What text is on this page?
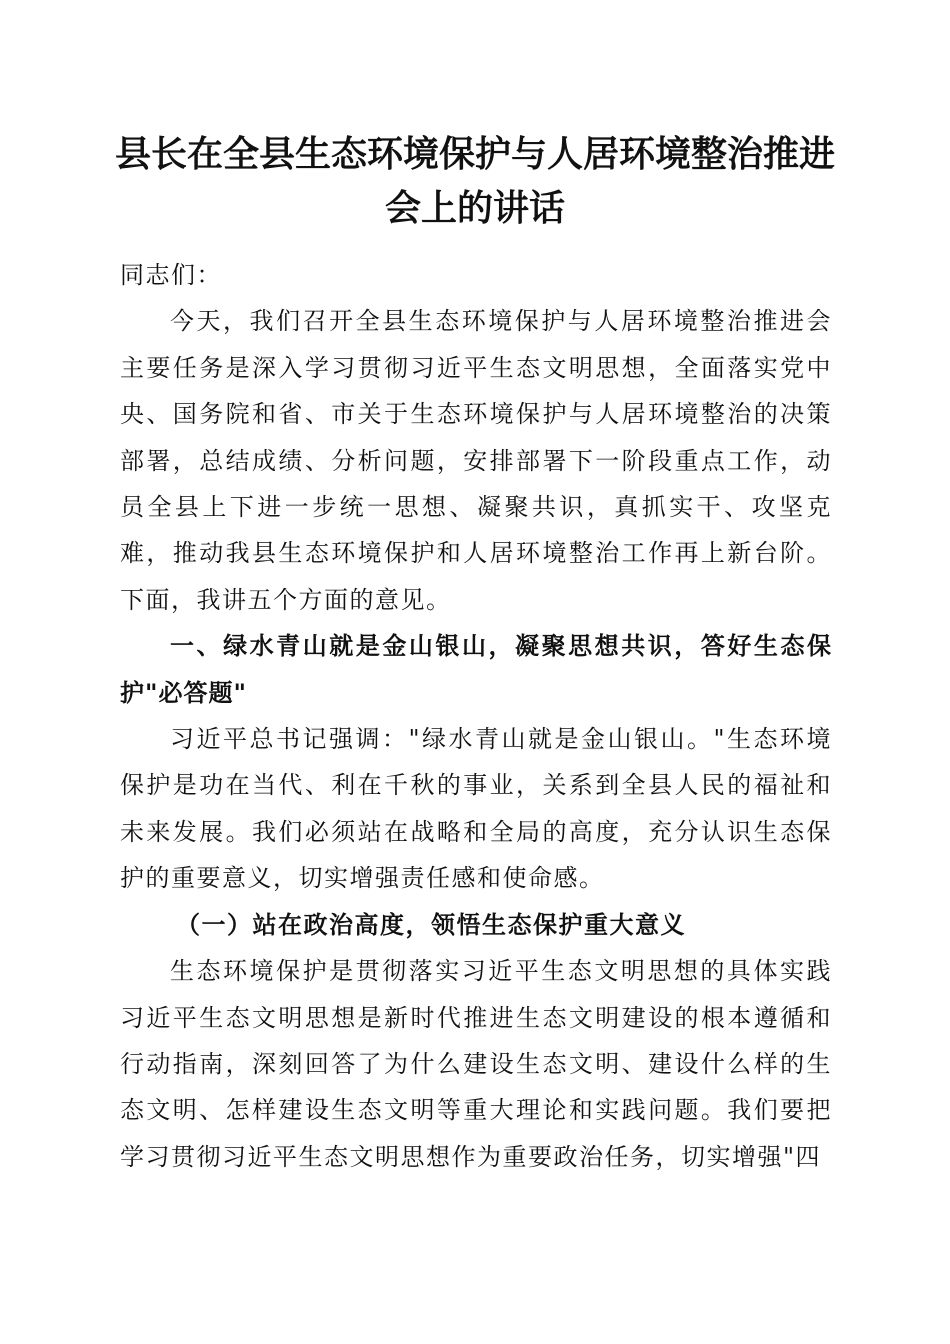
县长在全县生态环境保护与人居环境整治推进会上的讲话

同志们：

今天，我们召开全县生态环境保护与人居环境整治推进会主要任务是深入学习贯彻习近平生态文明思想，全面落实党中央、国务院和省、市关于生态环境保护与人居环境整治的决策部署，总结成绩、分析问题，安排部署下一阶段重点工作，动员全县上下进一步统一思想、凝聚共识，真抓实干、攻坚克难，推动我县生态环境保护和人居环境整治工作再上新台阶。下面，我讲五个方面的意见。

一、绿水青山就是金山银山，凝聚思想共识，答好生态保护"必答题"

习近平总书记强调："绿水青山就是金山银山。"生态环境保护是功在当代、利在千秋的事业，关系到全县人民的福祉和未来发展。我们必须站在战略和全局的高度，充分认识生态保护的重要意义，切实增强责任感和使命感。

（一）站在政治高度，领悟生态保护重大意义

生态环境保护是贯彻落实习近平生态文明思想的具体实践习近平生态文明思想是新时代推进生态文明建设的根本遵循和行动指南，深刻回答了为什么建设生态文明、建设什么样的生态文明、怎样建设生态文明等重大理论和实践问题。我们要把学习贯彻习近平生态文明思想作为重要政治任务，切实增强"四
